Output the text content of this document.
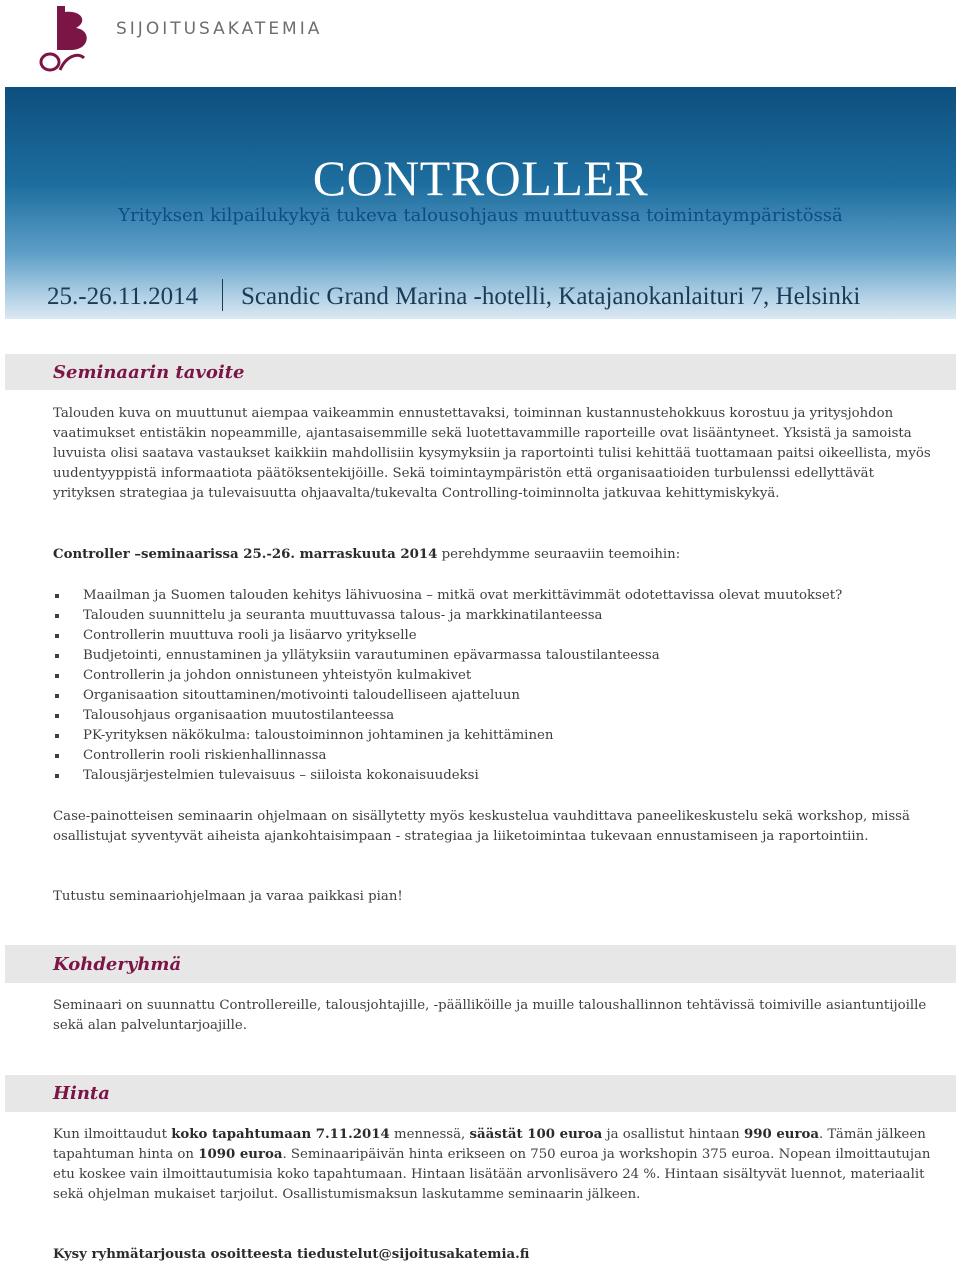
SIJOITUSAKATEMIA
CONTROLLER
Yrityksen kilpailukykyä tukeva talousohjaus muuttuvassa toimintaympäristössä
25.-26.11.2014 Scandic Grand Marina -hotelli, Katajanokanlaituri 7, Helsinki
Seminaarin tavoite

Talouden kuva on muuttunut aiempaa vaikeammin ennustettavaksi, toiminnan kustannustehokkuus korostuu ja yritysjohdon vaatimukset entistäkin nopeammille, ajantasaisemmille sekä luotettavammille raporteille ovat lisääntyneet. Yksistä ja samoista luvuista olisi saatava vastaukset kaikkiin mahdollisiin kysymyksiin ja raportointi tulisi kehittää tuottamaan paitsi oikeellista, myös uudentyyppistä informaatiota päätöksentekijöille. Sekä toimintaympäristön että organisaatioiden turbulenssi edellyttävät yrityksen strategiaa ja tulevaisuutta ohjaavalta/tukevalta Controlling-toiminnolta jatkuvaa kehittymiskykyä.

Controller –seminaarissa 25.-26. marraskuuta 2014 perehdymme seuraaviin teemoihin:

Maailman ja Suomen talouden kehitys lähivuosina – mitkä ovat merkittävimmät odotettavissa olevat muutokset?
Talouden suunnittelu ja seuranta muuttuvassa talous- ja markkinatilanteessa
Controllerin muuttuva rooli ja lisäarvo yritykselle
Budjetointi, ennustaminen ja yllätyksiin varautuminen epävarmassa taloustilanteessa
Controllerin ja johdon onnistuneen yhteistyön kulmakivet
Organisaation sitouttaminen/motivointi taloudelliseen ajatteluun
Talousohjaus organisaation muutostilanteessa
PK-yrityksen näkökulma: taloustoiminnon johtaminen ja kehittäminen
Controllerin rooli riskienhallinnassa
Talousjärjestelmien tulevaisuus – siiloista kokonaisuudeksi

Case-painotteisen seminaarin ohjelmaan on sisällytetty myös keskustelua vauhdittava paneelikeskustelu sekä workshop, missä osallistujat syventyvät aiheista ajankohtaisimpaan - strategiaa ja liiketoimintaa tukevaan ennustamiseen ja raportointiin.

Tutustu seminaariohjelmaan ja varaa paikkasi pian!

Kohderyhmä

Seminaari on suunnattu Controllereille, talousjohtajille, -päälliköille ja muille taloushallinnon tehtävissä toimiville asiantuntijoille sekä alan palveluntarjoajille.

Hinta

Kun ilmoittaudut koko tapahtumaan 7.11.2014 mennessä, säästät 100 euroa ja osallistut hintaan 990 euroa. Tämän jälkeen tapahtuman hinta on 1090 euroa. Seminaaripäivän hinta erikseen on 750 euroa ja workshopin 375 euroa. Nopean ilmoittautujan etu koskee vain ilmoittautumisia koko tapahtumaan. Hintaan lisätään arvonlisävero 24 %. Hintaan sisältyvät luennot, materiaalit sekä ohjelman mukaiset tarjoilut. Osallistumismaksun laskutamme seminaarin jälkeen.

Kysy ryhmätarjousta osoitteesta tiedustelut@sijoitusakatemia.fi
